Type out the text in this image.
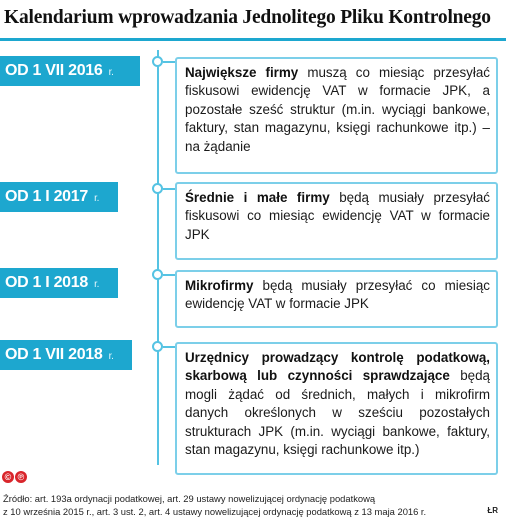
Kalendarium wprowadzania Jednolitego Pliku Kontrolnego
OD 1 VII 2016 r.	Największe firmy muszą co miesiąc przesyłać fiskusowi ewidencję VAT w formacie JPK, a pozostałe sześć struktur (m.in. wyciągi bankowe, faktury, stan magazynu, księgi rachunkowe itp.) – na żądanie
OD 1 I 2017 r.	Średnie i małe firmy będą musiały przesyłać fiskusowi co miesiąc ewidencję VAT w formacie JPK
OD 1 I 2018 r.	Mikrofirmy będą musiały przesyłać co miesiąc ewidencję VAT w formacie JPK
OD 1 VII 2018 r.	Urzędnicy prowadzący kontrolę podatkową, skarbową lub czynności sprawdzające będą mogli żądać od średnich, małych i mikrofirm danych określonych w sześciu pozostałych strukturach JPK (m.in. wyciągi bankowe, faktury, stan magazynu, księgi rachunkowe itp.)
© ℗
Źródło: art. 193a ordynacji podatkowej, art. 29 ustawy nowelizującej ordynację podatkową
z 10 września 2015 r., art. 3 ust. 2, art. 4 ustawy nowelizującej ordynację podatkową z 13 maja 2016 r.	ŁR
